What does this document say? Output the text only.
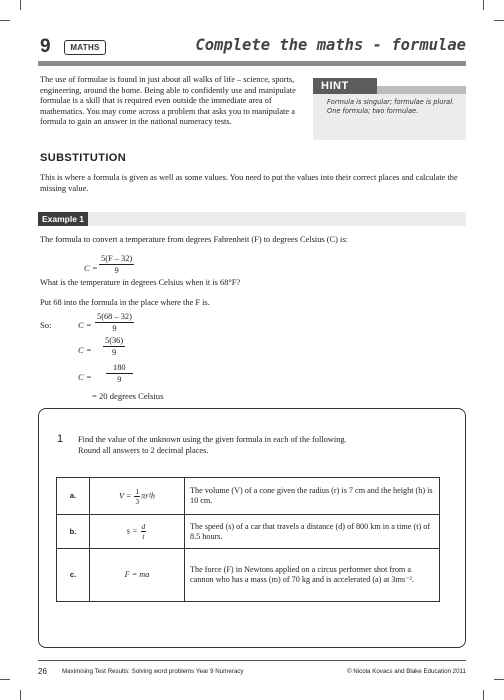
9	MATHS	Complete the maths - formulae

The use of formulae is found in just about all walks of life – science, sports, engineering, around the home. Being able to confidently use and manipulate formulae is a skill that is required even outside the immediate area of mathematics. You may come across a problem that asks you to manipulate a formula to gain an answer in the national numeracy tests.

HINT
Formula is singular; formulae is plural. One formula; two formulae.
SUBSTITUTION

This is where a formula is given as well as some values. You need to put the values into their correct places and calculate the missing value.

Example 1

The formula to convert a temperature from degrees Fahrenheit (F) to degrees Celsius (C) is:

$C = \frac{5(F - 32)}{9}$

What is the temperature in degrees Celsius when it is 68°F?

Put 68 into the formula in the place where the F is.

So:	$C = \frac{5(68 - 32)}{9}$
$C = \frac{5(36)}{9}$
$C = \frac{180}{9}$
= 20 degrees Celsius
1 Find the value of the unknown using the given formula in each of the following. Round all answers to 2 decimal places.

a.	$V = \frac{1}{3} \pi r^2h$	The volume (V) of a cone given the radius (r) is 7 cm and the height (h) is 10 cm.
b.	$s = \frac{d}{t}$	The speed (s) of a car that travels a distance (d) of 800 km in a time (t) of 8.5 hours.
c.	F = ma	The force (F) in Newtons applied on a circus performer shot from a cannon who has a mass (m) of 70 kg and is accelerated (a) at 3ms⁻².
26 Maximising Test Results: Solving word problems Year 9 Numeracy	© Nicola Kovacs and Blake Education 2011
